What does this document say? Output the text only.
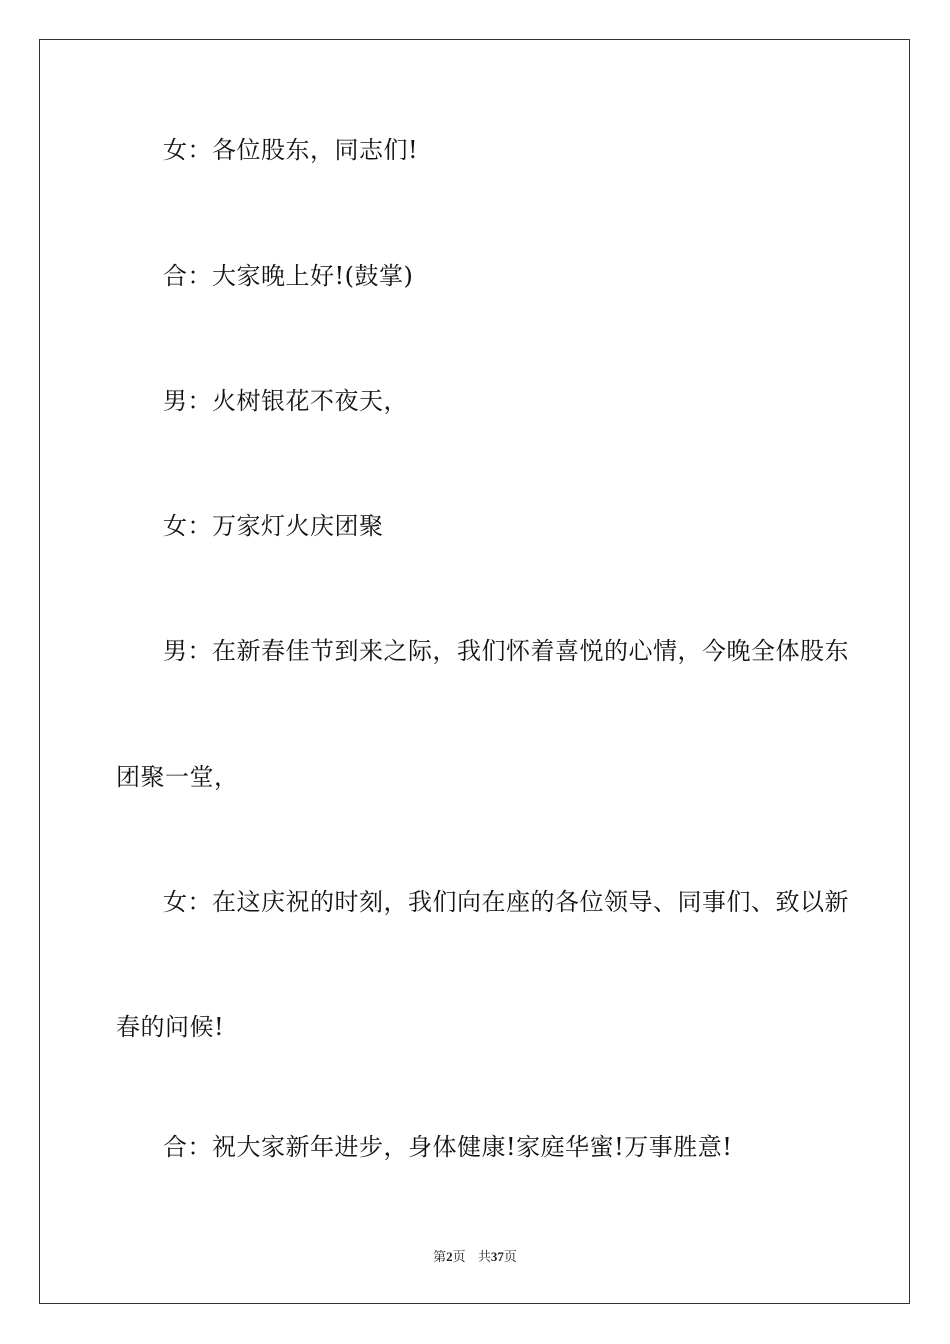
女：各位股东，同志们!
合：大家晚上好!(鼓掌)
男：火树银花不夜天，
女：万家灯火庆团聚
男：在新春佳节到来之际，我们怀着喜悦的心情，今晚全体股东
团聚一堂，
女：在这庆祝的时刻，我们向在座的各位领导、同事们、致以新
春的问候!
合：祝大家新年进步，身体健康!家庭华蜜!万事胜意!
第2页 共37页
